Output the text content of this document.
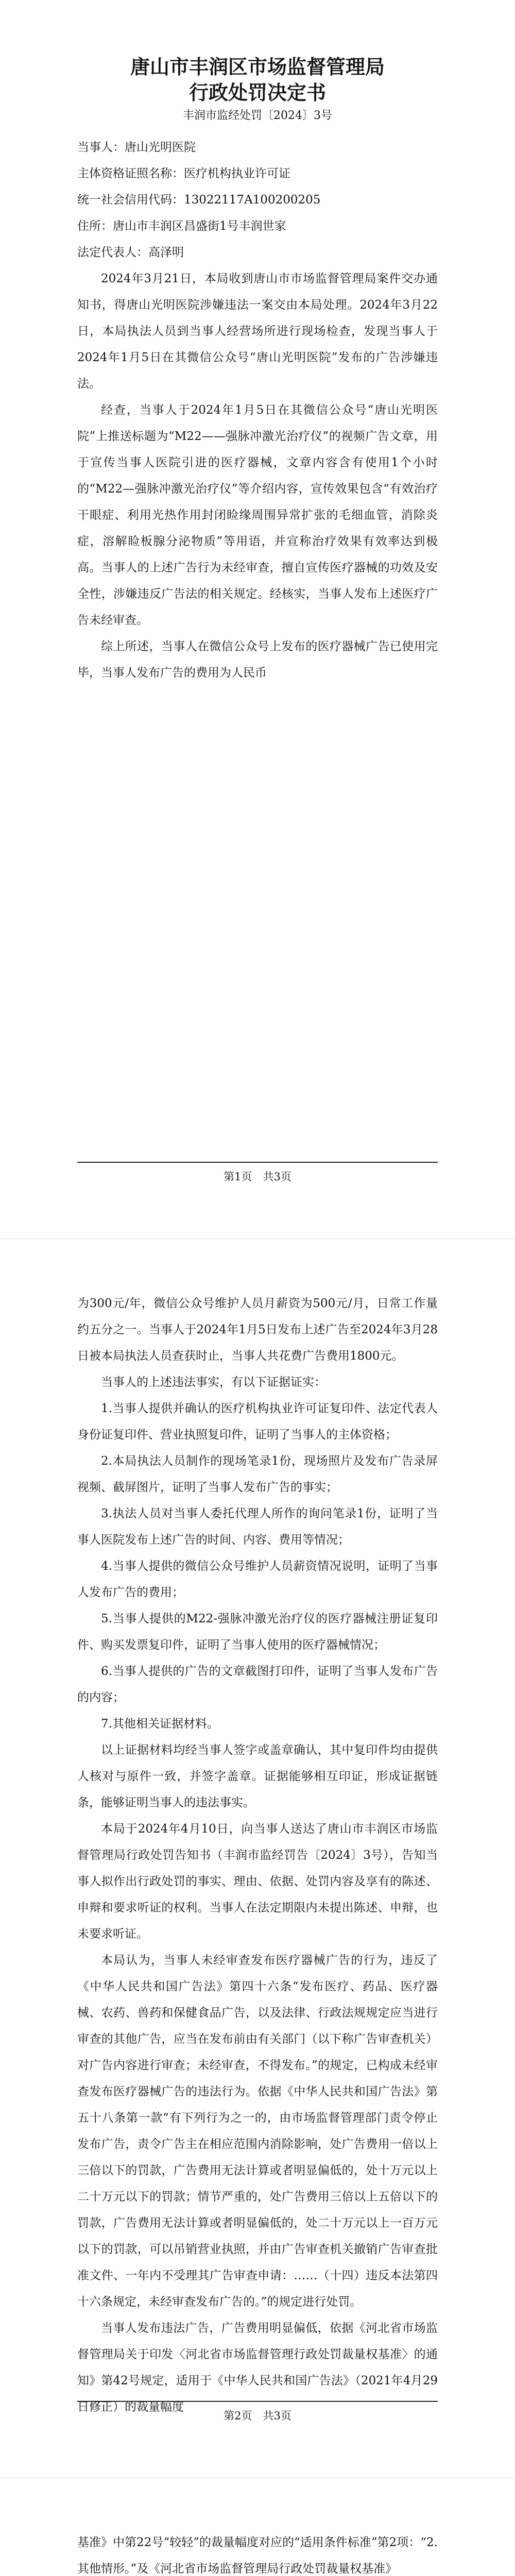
唐山市丰润区市场监督管理局
行政处罚决定书
丰润市监经处罚〔2024〕3号

当事人：唐山光明医院

主体资格证照名称：医疗机构执业许可证

统一社会信用代码：13022117A100200205

住所：唐山市丰润区昌盛街1号丰润世家

法定代表人：高泽明

2024年3月21日，本局收到唐山市市场监督管理局案件交办通知书，得唐山光明医院涉嫌违法一案交由本局处理。2024年3月22日，本局执法人员到当事人经营场所进行现场检查，发现当事人于2024年1月5日在其微信公众号“唐山光明医院”发布的广告涉嫌违法。

经查，当事人于2024年1月5日在其微信公众号“唐山光明医院”上推送标题为“M22——强脉冲激光治疗仪”的视频广告文章，用于宣传当事人医院引进的医疗器械，文章内容含有使用1个小时的“M22—强脉冲激光治疗仪”等介绍内容，宣传效果包含“有效治疗干眼症、利用光热作用封闭睑缘周围异常扩张的毛细血管，消除炎症，溶解睑板腺分泌物质”等用语，并宣称治疗效果有效率达到极高。当事人的上述广告行为未经审查，擅自宣传医疗器械的功效及安全性，涉嫌违反广告法的相关规定。经核实，当事人发布上述医疗广告未经审查。

综上所述，当事人在微信公众号上发布的医疗器械广告已使用完毕，当事人发布广告的费用为人民币

第1页　共3页

为300元/年，微信公众号维护人员月薪资为500元/月，日常工作量约五分之一。当事人于2024年1月5日发布上述广告至2024年3月28日被本局执法人员查获时止，当事人共花费广告费用1800元。

当事人的上述违法事实，有以下证据证实：

1.当事人提供并确认的医疗机构执业许可证复印件、法定代表人身份证复印件、营业执照复印件，证明了当事人的主体资格；

2.本局执法人员制作的现场笔录1份，现场照片及发布广告录屏视频、截屏图片，证明了当事人发布广告的事实；

3.执法人员对当事人委托代理人所作的询问笔录1份，证明了当事人医院发布上述广告的时间、内容、费用等情况；

4.当事人提供的微信公众号维护人员薪资情况说明，证明了当事人发布广告的费用；

5.当事人提供的M22-强脉冲激光治疗仪的医疗器械注册证复印件、购买发票复印件，证明了当事人使用的医疗器械情况；

6.当事人提供的广告的文章截图打印件，证明了当事人发布广告的内容；

7.其他相关证据材料。

以上证据材料均经当事人签字或盖章确认，其中复印件均由提供人核对与原件一致，并签字盖章。证据能够相互印证，形成证据链条，能够证明当事人的违法事实。

本局于2024年4月10日，向当事人送达了唐山市丰润区市场监督管理局行政处罚告知书（丰润市监经罚告〔2024〕3号），告知当事人拟作出行政处罚的事实、理由、依据、处罚内容及享有的陈述、申辩和要求听证的权利。当事人在法定期限内未提出陈述、申辩，也未要求听证。

本局认为，当事人未经审查发布医疗器械广告的行为，违反了《中华人民共和国广告法》第四十六条“发布医疗、药品、医疗器械、农药、兽药和保健食品广告，以及法律、行政法规规定应当进行审查的其他广告，应当在发布前由有关部门（以下称广告审查机关）对广告内容进行审查；未经审查，不得发布。”的规定，已构成未经审查发布医疗器械广告的违法行为。依据《中华人民共和国广告法》第五十八条第一款“有下列行为之一的，由市场监督管理部门责令停止发布广告，责令广告主在相应范围内消除影响，处广告费用一倍以上三倍以下的罚款，广告费用无法计算或者明显偏低的，处十万元以上二十万元以下的罚款；情节严重的，处广告费用三倍以上五倍以下的罚款，广告费用无法计算或者明显偏低的，处二十万元以上一百万元以下的罚款，可以吊销营业执照，并由广告审查机关撤销广告审查批准文件、一年内不受理其广告审查申请：……（十四）违反本法第四十六条规定，未经审查发布广告的。”的规定进行处罚。

当事人发布违法广告，广告费用明显偏低，依据《河北省市场监督管理局关于印发〈河北省市场监督管理行政处罚裁量权基准〉的通知》第42号规定，适用于《中华人民共和国广告法》（2021年4月29日修正）的裁量幅度

第2页　共3页

基准》中第22号“较轻”的裁量幅度对应的“适用条件标准”第2项：“2.其他情形。”及《河北省市场监督管理局行政处罚裁量权基准》
